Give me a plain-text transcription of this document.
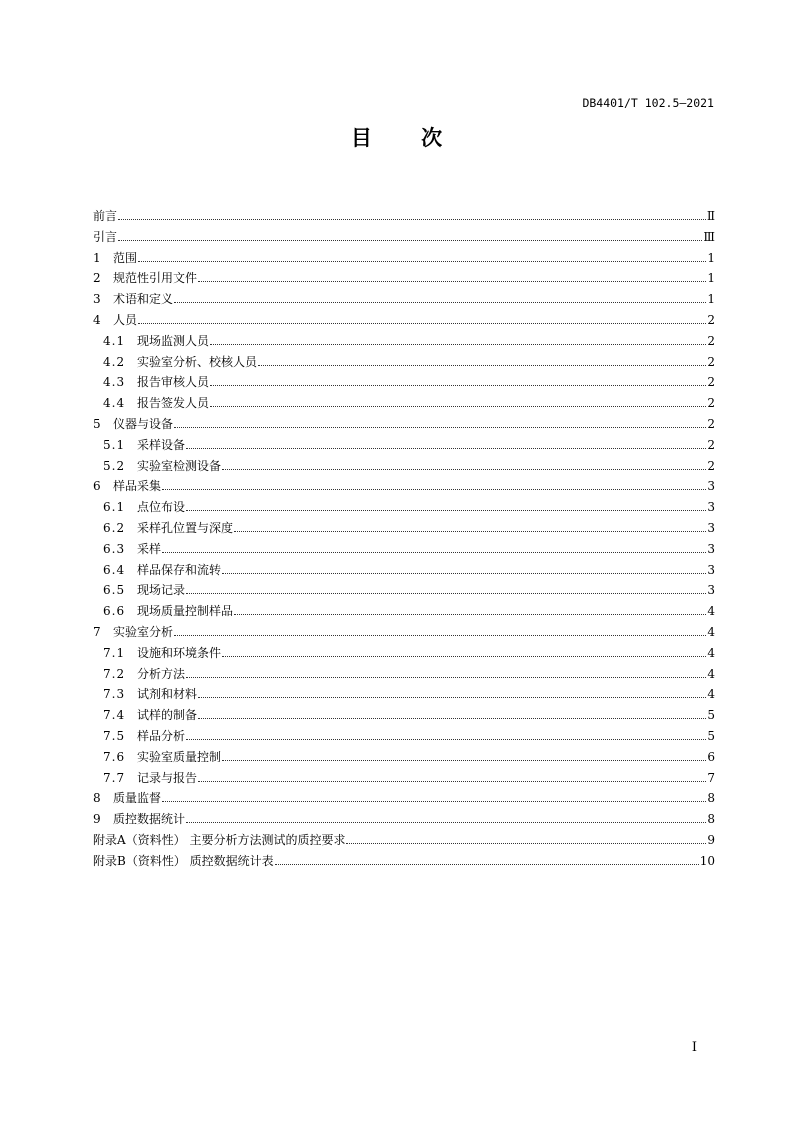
DB4401/T 102.5—2021
目 次
前言	Ⅱ
引言	Ⅲ
1	范围	1
2	规范性引用文件	1
3	术语和定义	1
4	人员	2
4.1 现场监测人员	2
4.2 实验室分析、校核人员	2
4.3 报告审核人员	2
4.4 报告签发人员	2
5	仪器与设备	2
5.1 采样设备	2
5.2 实验室检测设备	2
6	样品采集	3
6.1 点位布设	3
6.2 采样孔位置与深度	3
6.3 采样	3
6.4 样品保存和流转	3
6.5 现场记录	3
6.6 现场质量控制样品	4
7	实验室分析	4
7.1 设施和环境条件	4
7.2 分析方法	4
7.3 试剂和材料	4
7.4 试样的制备	5
7.5 样品分析	5
7.6 实验室质量控制	6
7.7 记录与报告	7
8	质量监督	8
9	质控数据统计	8
附录A（资料性） 主要分析方法测试的质控要求	9
附录B（资料性） 质控数据统计表	10
I
